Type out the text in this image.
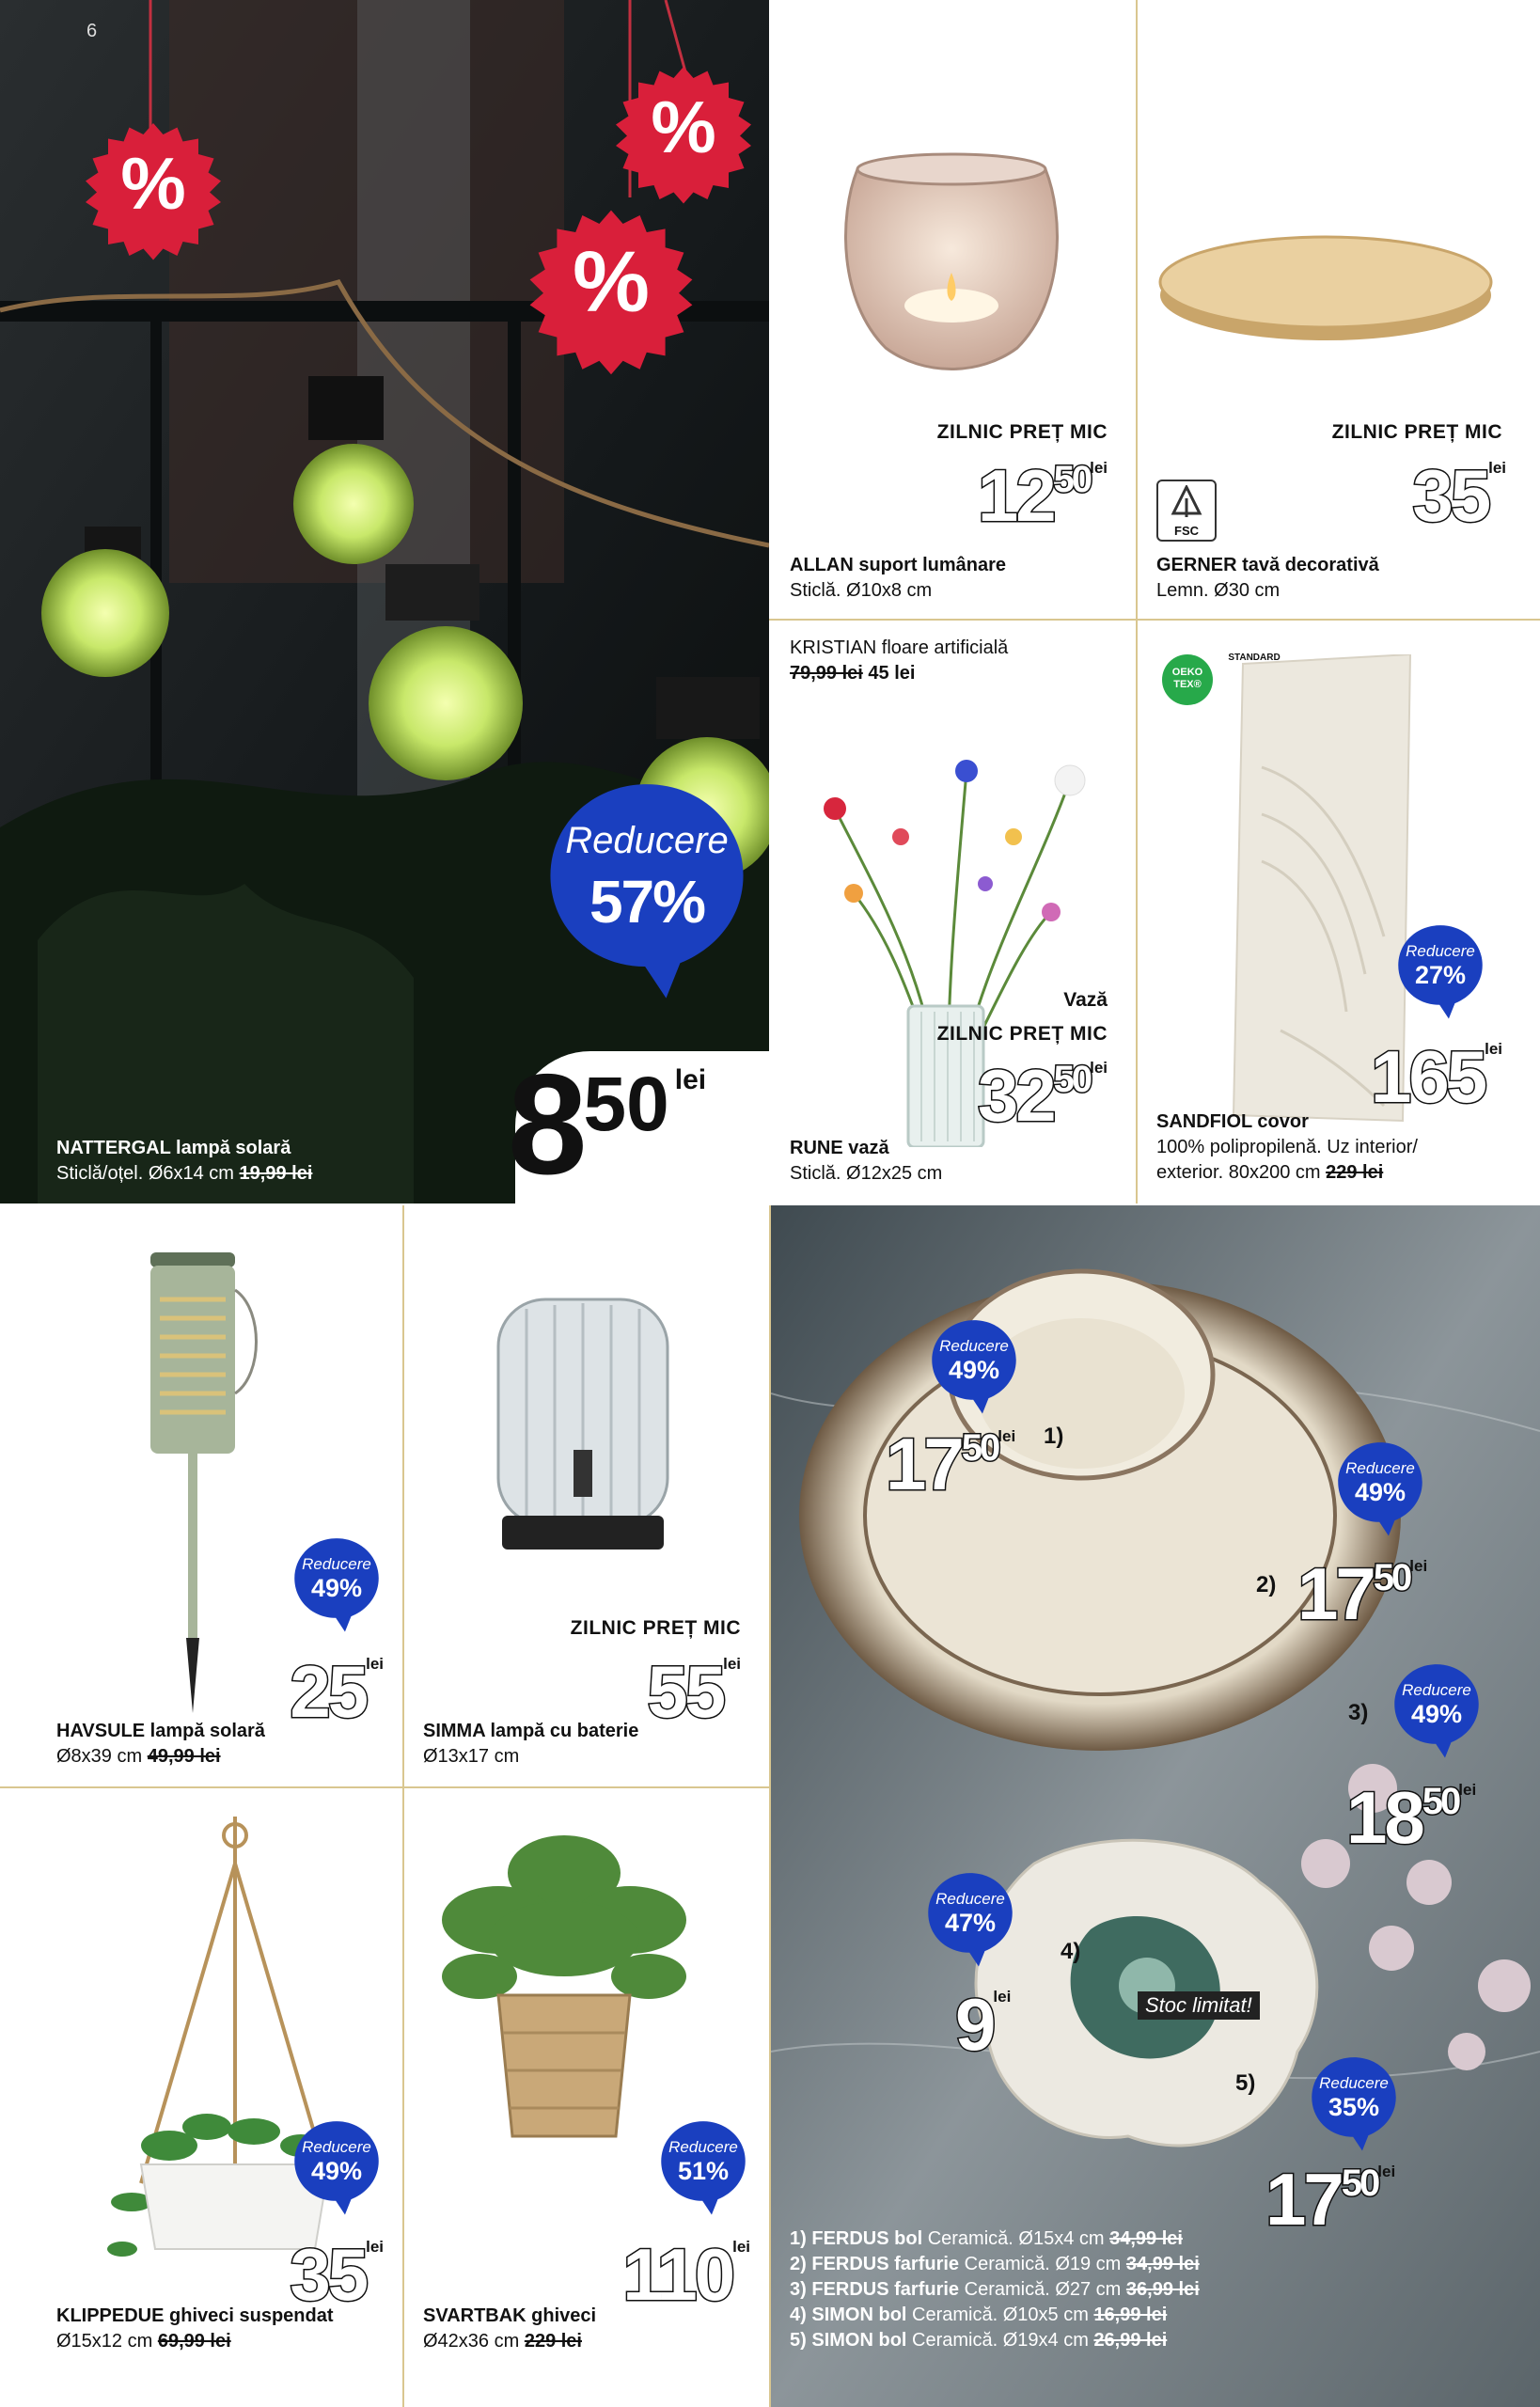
6
%
%
%
Reducere
57%
850 lei
NATTERGAL lampă solară
Sticlă/oțel. Ø6x14 cm 19,99 lei
ZILNIC PREȚ MIC
1250lei
ALLAN suport lumânare
Sticlă. Ø10x8 cm
ZILNIC PREȚ MIC
35lei
FSC
GERNER tavă decorativă
Lemn. Ø30 cm
KRISTIAN floare artificială
79,99 lei 45 lei
Vază
ZILNIC PREȚ MIC
3250lei
RUNE vază
Sticlă. Ø12x25 cm
OEKO
TEX®
STANDARD
Reducere
27%
165lei
SANDFIOL covor
100% polipropilenă. Uz interior/
exterior. 80x200 cm 229 lei
Reducere
49%
25lei
HAVSULE lampă solară
Ø8x39 cm 49,99 lei
ZILNIC PREȚ MIC
55lei
SIMMA lampă cu baterie
Ø13x17 cm
Reducere
49%
35lei
KLIPPEDUE ghiveci suspendat
Ø15x12 cm 69,99 lei
Reducere
51%
110lei
SVARTBAK ghiveci
Ø42x36 cm 229 lei
1)
2)
3)
4)
5)
Reducere
49%
1750lei
Reducere
49%
1750lei
Reducere
49%
1850lei
Reducere
47%
9lei	Stoc limitat!
Reducere
35%
1750lei
1) FERDUS bol Ceramică. Ø15x4 cm 34,99 lei
2) FERDUS farfurie Ceramică. Ø19 cm 34,99 lei
3) FERDUS farfurie Ceramică. Ø27 cm 36,99 lei
4) SIMON bol Ceramică. Ø10x5 cm 16,99 lei
5) SIMON bol Ceramică. Ø19x4 cm 26,99 lei
